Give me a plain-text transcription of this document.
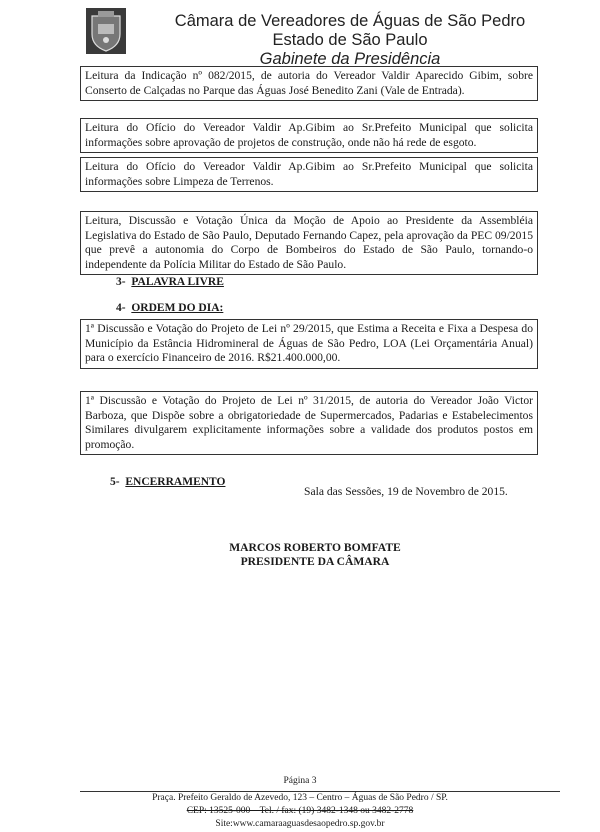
Câmara de Vereadores de Águas de São Pedro
Estado de São Paulo
Gabinete da Presidência
Leitura da Indicação nº 082/2015, de autoria do Vereador Valdir Aparecido Gibim, sobre Conserto de Calçadas no Parque das Águas José Benedito Zani (Vale de Entrada).
Leitura do Ofício do Vereador Valdir Ap.Gibim ao Sr.Prefeito Municipal que solicita informações sobre aprovação de projetos de construção, onde não há rede de esgoto.
Leitura do Ofício do Vereador Valdir Ap.Gibim ao Sr.Prefeito Municipal que solicita informações sobre Limpeza de Terrenos.
Leitura, Discussão e Votação Única da Moção de Apoio ao Presidente da Assembléia Legislativa do Estado de São Paulo, Deputado Fernando Capez, pela aprovação da PEC 09/2015 que prevê a autonomia do Corpo de Bombeiros do Estado de São Paulo, tornando-o independente da Polícia Militar do Estado de São Paulo.
3- PALAVRA LIVRE
4- ORDEM DO DIA:
1ª Discussão e Votação do Projeto de Lei nº 29/2015, que Estima a Receita e Fixa a Despesa do Município da Estância Hidromineral de Águas de São Pedro, LOA (Lei Orçamentária Anual) para o exercício Financeiro de 2016. R$21.400.000,00.
1ª Discussão e Votação do Projeto de Lei nº 31/2015, de autoria do Vereador João Victor Barboza, que Dispõe sobre a obrigatoriedade de Supermercados, Padarias e Estabelecimentos Similares divulgarem explicitamente informações sobre a validade dos produtos postos em promoção.
5- ENCERRAMENTO
Sala das Sessões, 19 de Novembro de 2015.
MARCOS ROBERTO BOMFATE
PRESIDENTE DA CÂMARA
Página 3
Praça. Prefeito Geraldo de Azevedo, 123 – Centro – Águas de São Pedro / SP.
CEP: 13525-000 – Tel. / fax: (19) 3482-1348 ou 3482-2778
Site:www.camaraaguasdesaopedro.sp.gov.br
